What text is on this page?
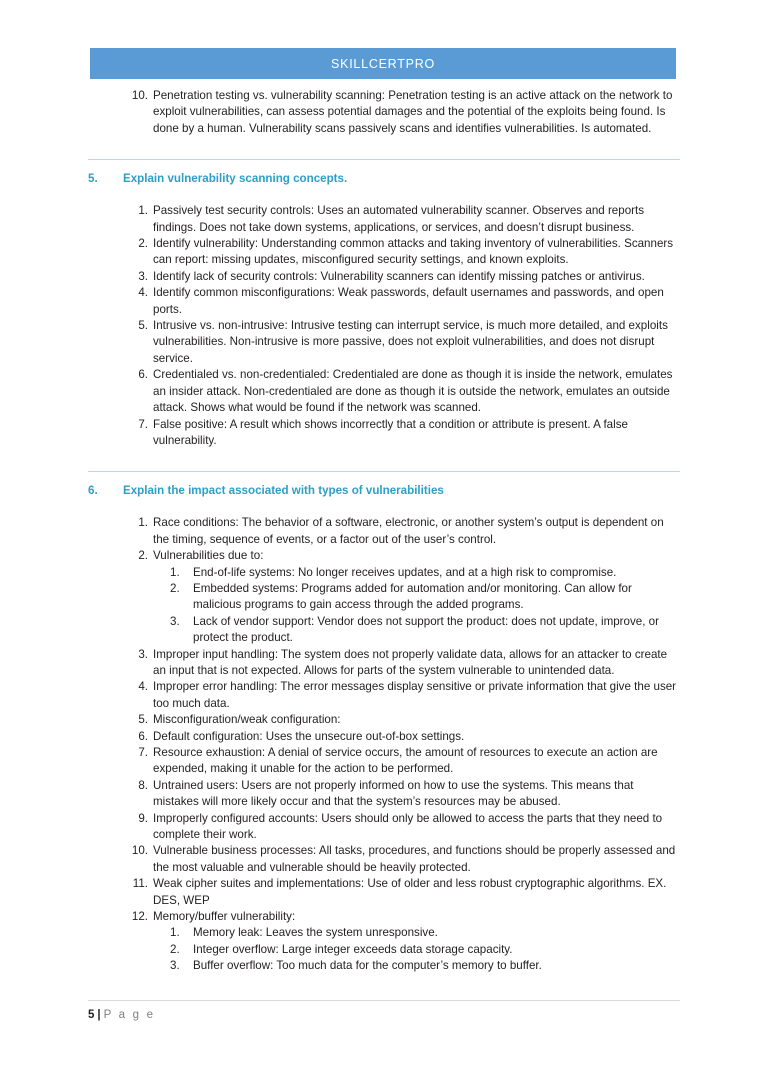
SKILLCERTPRO
10. Penetration testing vs. vulnerability scanning: Penetration testing is an active attack on the network to exploit vulnerabilities, can assess potential damages and the potential of the exploits being found. Is done by a human. Vulnerability scans passively scans and identifies vulnerabilities. Is automated.
5.	Explain vulnerability scanning concepts.
1. Passively test security controls: Uses an automated vulnerability scanner. Observes and reports findings. Does not take down systems, applications, or services, and doesn’t disrupt business.
2. Identify vulnerability: Understanding common attacks and taking inventory of vulnerabilities. Scanners can report: missing updates, misconfigured security settings, and known exploits.
3. Identify lack of security controls: Vulnerability scanners can identify missing patches or antivirus.
4. Identify common misconfigurations: Weak passwords, default usernames and passwords, and open ports.
5. Intrusive vs. non-intrusive: Intrusive testing can interrupt service, is much more detailed, and exploits vulnerabilities. Non-intrusive is more passive, does not exploit vulnerabilities, and does not disrupt service.
6. Credentialed vs. non-credentialed: Credentialed are done as though it is inside the network, emulates an insider attack. Non-credentialed are done as though it is outside the network, emulates an outside attack. Shows what would be found if the network was scanned.
7. False positive: A result which shows incorrectly that a condition or attribute is present. A false vulnerability.
6.	Explain the impact associated with types of vulnerabilities
1. Race conditions: The behavior of a software, electronic, or another system’s output is dependent on the timing, sequence of events, or a factor out of the user’s control.
2. Vulnerabilities due to:
1.	End-of-life systems: No longer receives updates, and at a high risk to compromise.
2.	Embedded systems: Programs added for automation and/or monitoring. Can allow for malicious programs to gain access through the added programs.
3.	Lack of vendor support: Vendor does not support the product: does not update, improve, or protect the product.
3. Improper input handling: The system does not properly validate data, allows for an attacker to create an input that is not expected. Allows for parts of the system vulnerable to unintended data.
4. Improper error handling: The error messages display sensitive or private information that give the user too much data.
5. Misconfiguration/weak configuration:
6. Default configuration: Uses the unsecure out-of-box settings.
7. Resource exhaustion: A denial of service occurs, the amount of resources to execute an action are expended, making it unable for the action to be performed.
8. Untrained users: Users are not properly informed on how to use the systems. This means that mistakes will more likely occur and that the system’s resources may be abused.
9. Improperly configured accounts: Users should only be allowed to access the parts that they need to complete their work.
10. Vulnerable business processes: All tasks, procedures, and functions should be properly assessed and the most valuable and vulnerable should be heavily protected.
11. Weak cipher suites and implementations: Use of older and less robust cryptographic algorithms. EX. DES, WEP
12. Memory/buffer vulnerability:
1.	Memory leak: Leaves the system unresponsive.
2.	Integer overflow: Large integer exceeds data storage capacity.
3.	Buffer overflow: Too much data for the computer’s memory to buffer.
5 | P a g e
